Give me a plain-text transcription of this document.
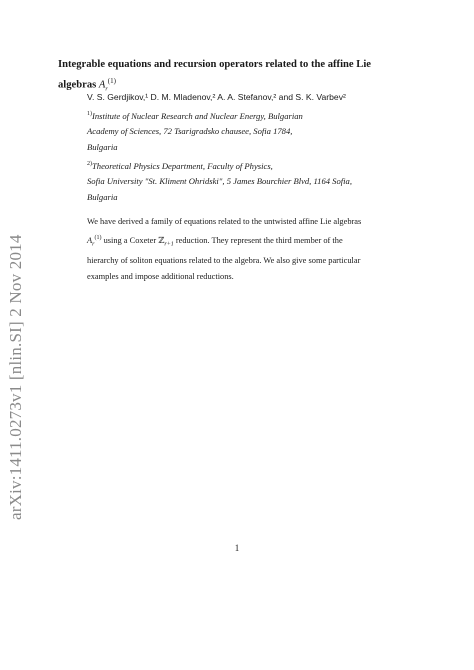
arXiv:1411.0273v1 [nlin.SI] 2 Nov 2014
Integrable equations and recursion operators related to the affine Lie
algebras $A_r^{(1)}$
V. S. Gerdjikov,¹ D. M. Mladenov,² A. A. Stefanov,² and S. K. Varbev²
$^{1)}$Institute of Nuclear Research and Nuclear Energy, Bulgarian
Academy of Sciences, 72 Tsarigradsko chausee, Sofia 1784,
Bulgaria
$^{2)}$Theoretical Physics Department, Faculty of Physics,
Sofia University "St. Kliment Ohridski", 5 James Bourchier Blvd, 1164 Sofia,
Bulgaria
We have derived a family of equations related to the untwisted affine Lie algebras
$A_r^{(1)}$ using a Coxeter ℤ$_{r+1}$ reduction. They represent the third member of the
hierarchy of soliton equations related to the algebra. We also give some particular
examples and impose additional reductions.
1
